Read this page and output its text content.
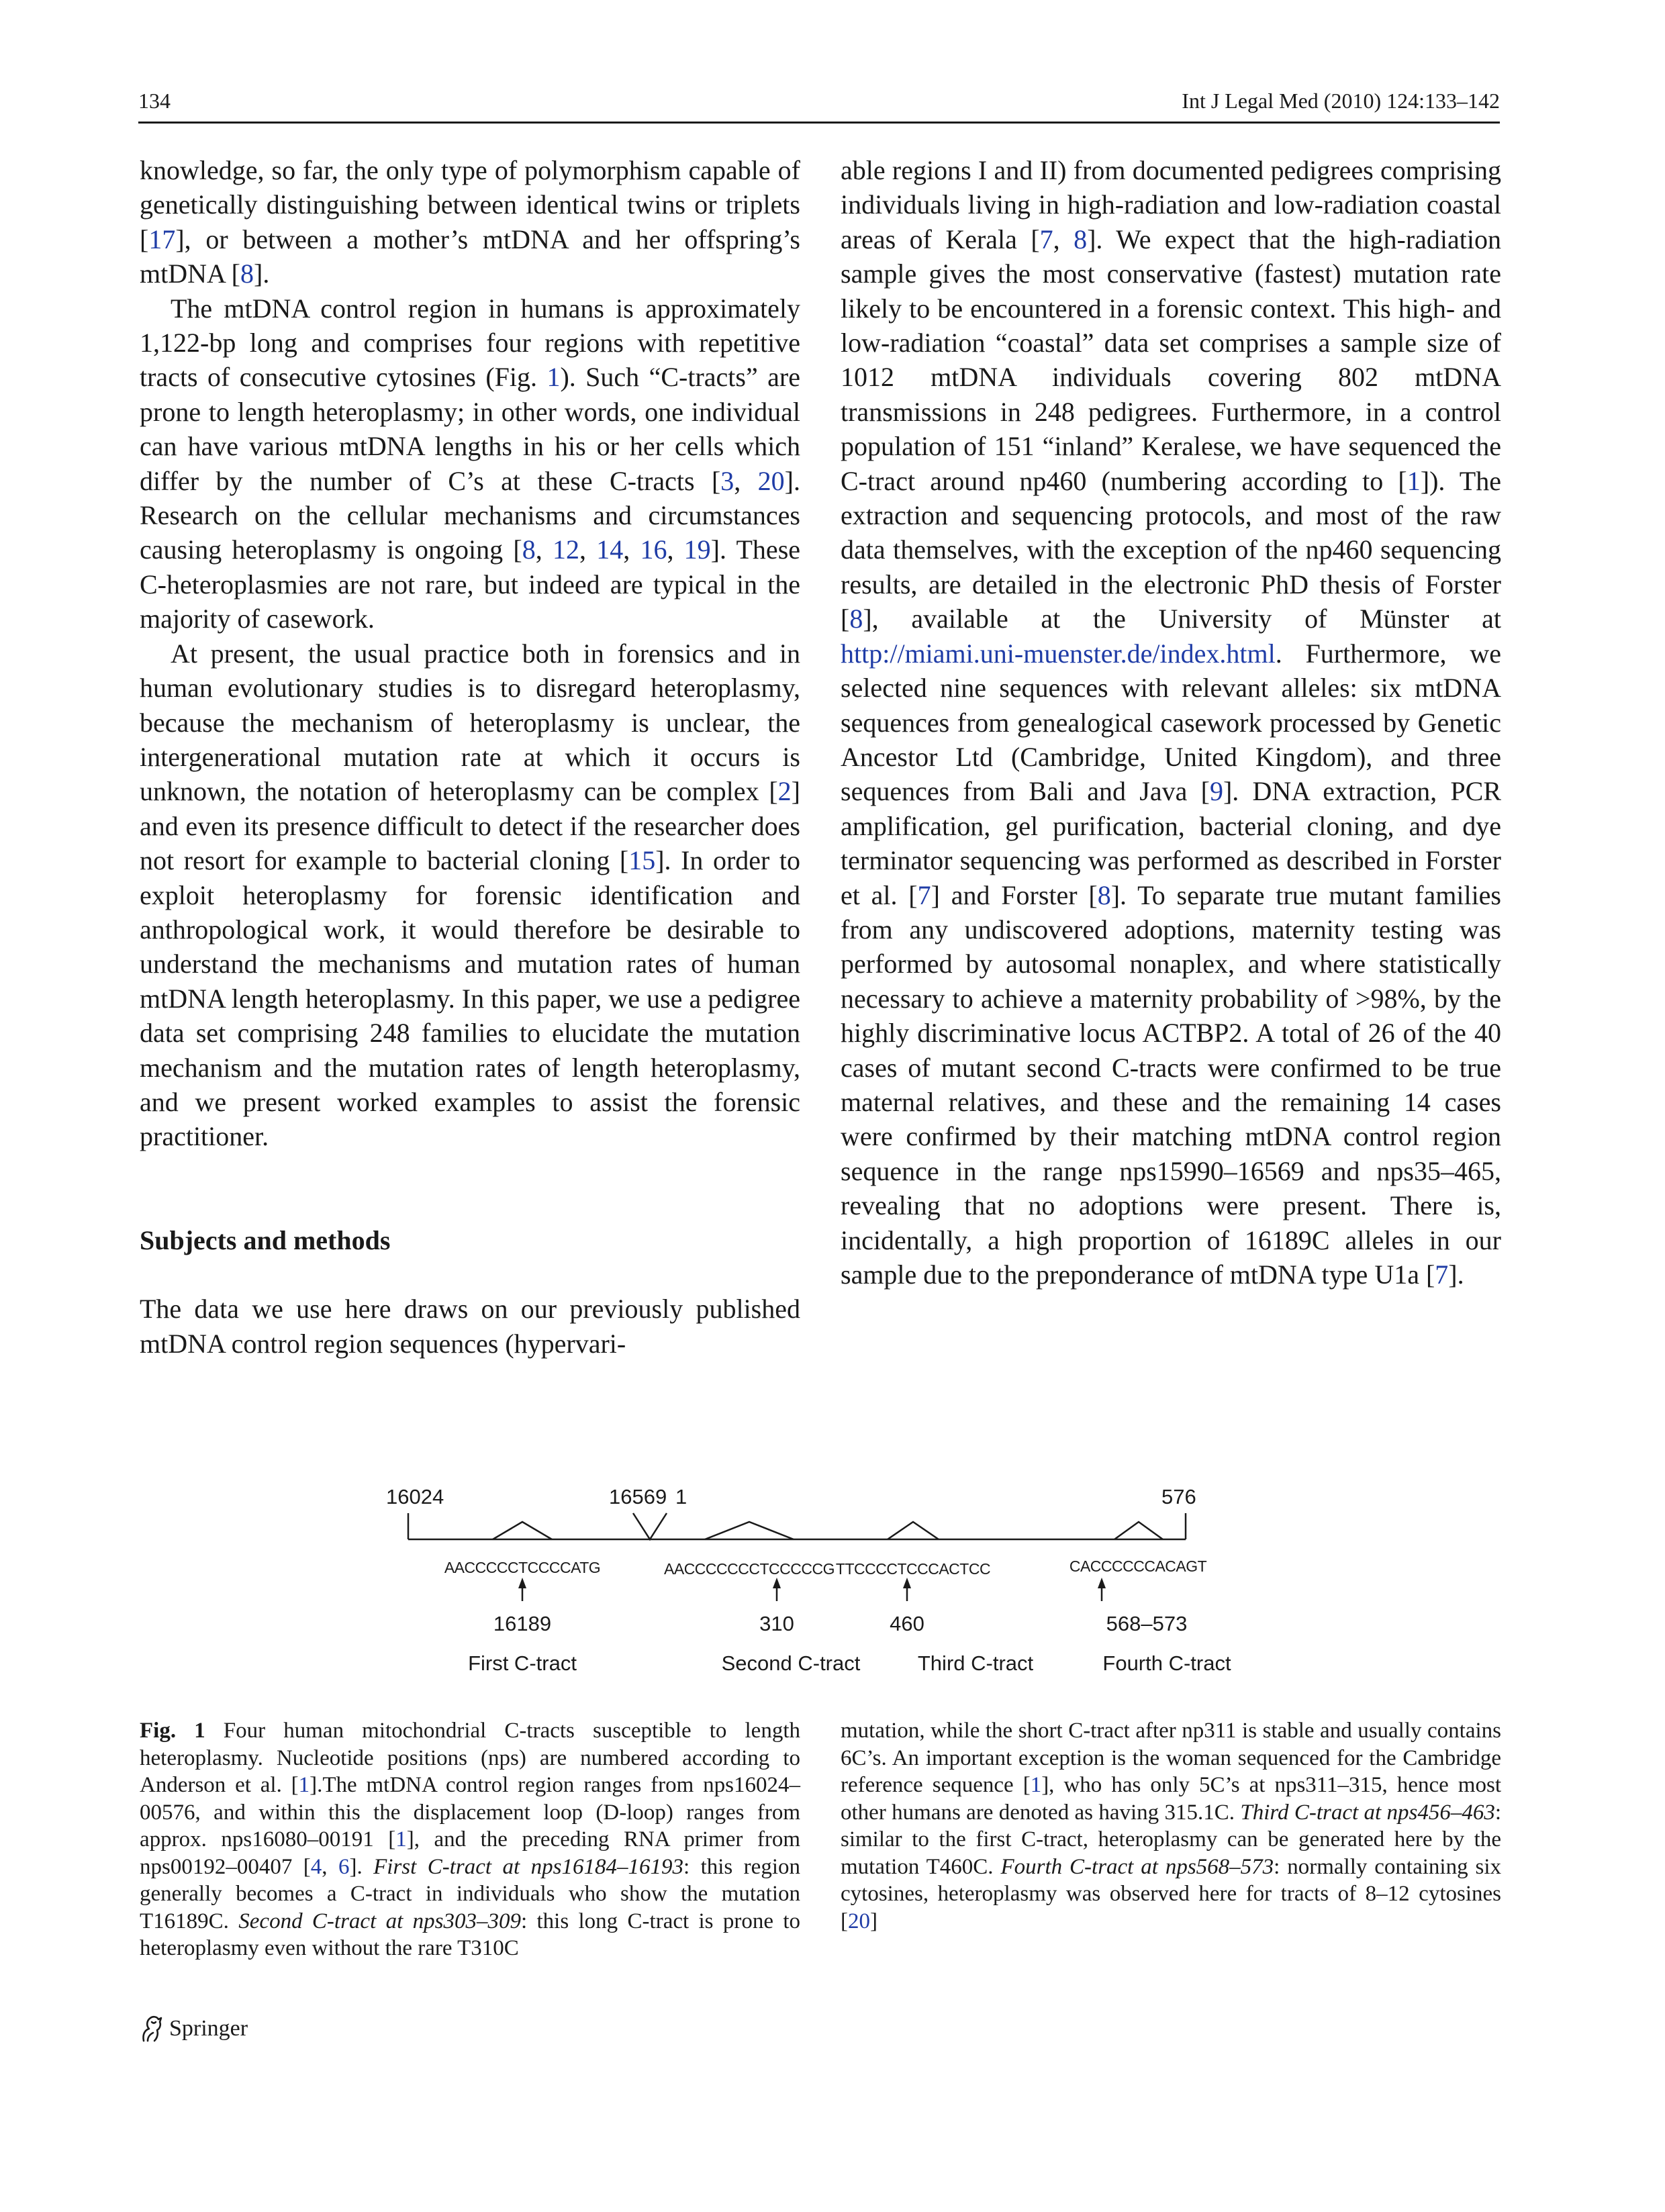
134	Int J Legal Med (2010) 124:133–142

knowledge, so far, the only type of polymorphism capable of genetically distinguishing between identical twins or triplets [17], or between a mother’s mtDNA and her offspring’s mtDNA [8].

The mtDNA control region in humans is approximately 1,122-bp long and comprises four regions with repetitive tracts of consecutive cytosines (Fig. 1). Such “C-tracts” are prone to length heteroplasmy; in other words, one individual can have various mtDNA lengths in his or her cells which differ by the number of C’s at these C-tracts [3, 20]. Research on the cellular mechanisms and circumstances causing heteroplasmy is ongoing [8, 12, 14, 16, 19]. These C-heteroplasmies are not rare, but indeed are typical in the majority of casework.

At present, the usual practice both in forensics and in human evolutionary studies is to disregard heteroplasmy, because the mechanism of heteroplasmy is unclear, the intergenerational mutation rate at which it occurs is unknown, the notation of heteroplasmy can be complex [2] and even its presence difficult to detect if the researcher does not resort for example to bacterial cloning [15]. In order to exploit heteroplasmy for forensic identification and anthropological work, it would therefore be desirable to understand the mechanisms and mutation rates of human mtDNA length heteroplasmy. In this paper, we use a pedigree data set comprising 248 families to elucidate the mutation mechanism and the mutation rates of length heteroplasmy, and we present worked examples to assist the forensic practitioner.

Subjects and methods

The data we use here draws on our previously published mtDNA control region sequences (hypervari-

able regions I and II) from documented pedigrees comprising individuals living in high-radiation and low-radiation coastal areas of Kerala [7, 8]. We expect that the high-radiation sample gives the most conservative (fastest) mutation rate likely to be encountered in a forensic context. This high- and low-radiation “coastal” data set comprises a sample size of 1012 mtDNA individuals covering 802 mtDNA transmissions in 248 pedigrees. Furthermore, in a control population of 151 “inland” Keralese, we have sequenced the C-tract around np460 (numbering according to [1]). The extraction and sequencing protocols, and most of the raw data themselves, with the exception of the np460 sequencing results, are detailed in the electronic PhD thesis of Forster [8], available at the University of Münster at http://miami.uni-muenster.de/index.html. Furthermore, we selected nine sequences with relevant alleles: six mtDNA sequences from genealogical casework processed by Genetic Ancestor Ltd (Cambridge, United Kingdom), and three sequences from Bali and Java [9]. DNA extraction, PCR amplification, gel purification, bacterial cloning, and dye terminator sequencing was performed as described in Forster et al. [7] and Forster [8]. To separate true mutant families from any undiscovered adoptions, maternity testing was performed by autosomal nonaplex, and where statistically necessary to achieve a maternity probability of >98%, by the highly discriminative locus ACTBP2. A total of 26 of the 40 cases of mutant second C-tracts were confirmed to be true maternal relatives, and these and the remaining 14 cases were confirmed by their matching mtDNA control region sequence in the range nps15990–16569 and nps35–465, revealing that no adoptions were present. There is, incidentally, a high proportion of 16189C alleles in our sample due to the preponderance of mtDNA type U1a [7].

16024	16569 1	576
AACCCCCTCCCCATG	AACCCCCCCTCCCCCG TTCCCCTCCCACTCC	CACCCCCCACAGT
16189	310	460	568–573
First C-tract	Second C-tract	Third C-tract	Fourth C-tract
Fig. 1 Four human mitochondrial C-tracts susceptible to length heteroplasmy. Nucleotide positions (nps) are numbered according to Anderson et al. [1].The mtDNA control region ranges from nps16024–00576, and within this the displacement loop (D-loop) ranges from approx. nps16080–00191 [1], and the preceding RNA primer from nps00192–00407 [4, 6]. First C-tract at nps16184–16193: this region generally becomes a C-tract in individuals who show the mutation T16189C. Second C-tract at nps303–309: this long C-tract is prone to heteroplasmy even without the rare T310C
mutation, while the short C-tract after np311 is stable and usually contains 6C’s. An important exception is the woman sequenced for the Cambridge reference sequence [1], who has only 5C’s at nps311–315, hence most other humans are denoted as having 315.1C. Third C-tract at nps456–463: similar to the first C-tract, heteroplasmy can be generated here by the mutation T460C. Fourth C-tract at nps568–573: normally containing six cytosines, heteroplasmy was observed here for tracts of 8–12 cytosines [20]
Springer
